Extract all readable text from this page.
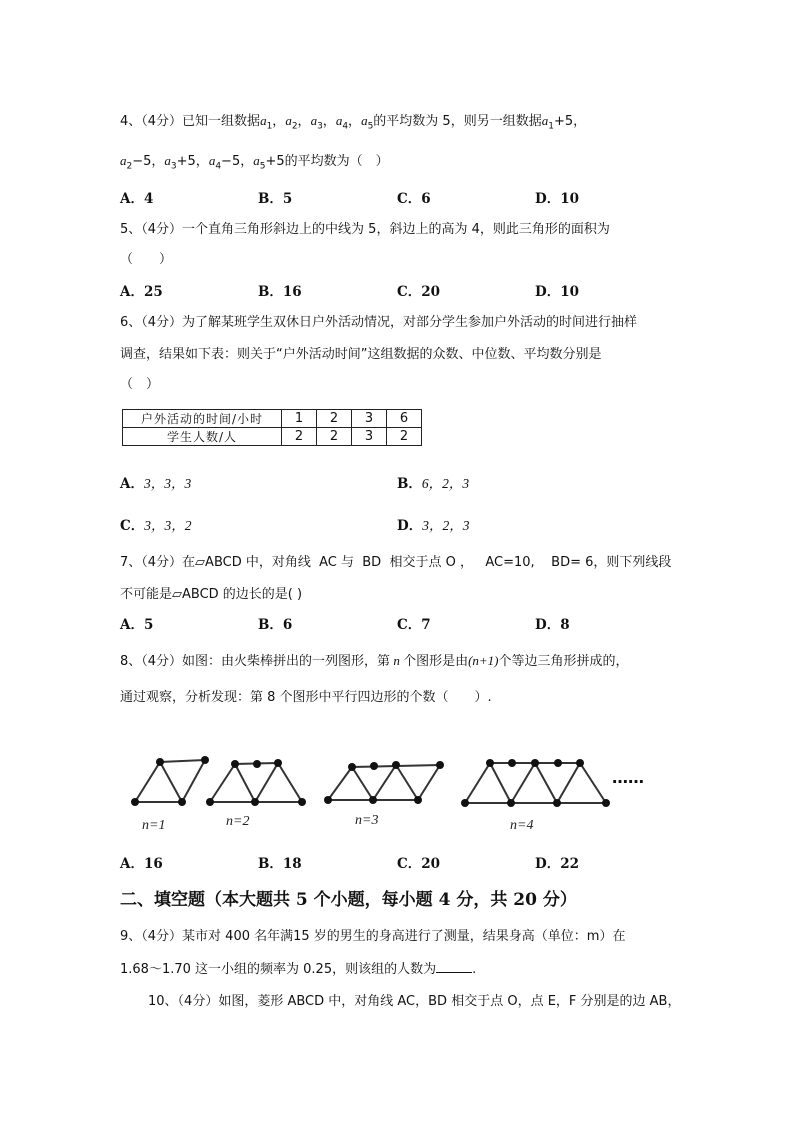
4、（4分）已知一组数据$a_1$，$a_2$，$a_3$，$a_4$，$a_5$的平均数为 5，则另一组数据$a_1+5$，
$a_2-5$，$a_3+5$，$a_4-5$，$a_5+5$的平均数为（　）
A．4	B．5	C．6	D．10
5、（4分）一个直角三角形斜边上的中线为 5，斜边上的高为 4，则此三角形的面积为
（　　）
A．25	B．16	C．20	D．10
6、（4分）为了解某班学生双休日户外活动情况，对部分学生参加户外活动的时间进行抽样
调查，结果如下表：则关于“户外活动时间”这组数据的众数、中位数、平均数分别是
（　）
户外活动的时间/小时	1	2	3	6
学生人数/人	2	2	3	2
A．3，3，3	B．6，2，3
C．3，3，2	D．3，2，3
7、（4分）在▱ABCD 中，对角线  AC 与  BD  相交于点 O ，   AC=10,    BD= 6，则下列线段
不可能是▱ABCD 的边长的是( )
A．5	B．6	C．7	D．8
8、（4分）如图：由火柴棒拼出的一列图形，第 n 个图形是由(n+1)个等边三角形拼成的，
通过观察，分析发现：第 8 个图形中平行四边形的个数（　　）.
n=1	n=2	n=3	n=4
……
A．16	B．18	C．20	D．22
二、填空题（本大题共 5 个小题，每小题 4 分，共 20 分）
9、（4分）某市对 400 名年满15 岁的男生的身高进行了测量，结果身高（单位：m）在
1.68～1.70 这一小组的频率为 0.25，则该组的人数为	.
10、（4分）如图，菱形 ABCD 中，对角线 AC，BD 相交于点 O，点 E，F 分别是的边 AB，
